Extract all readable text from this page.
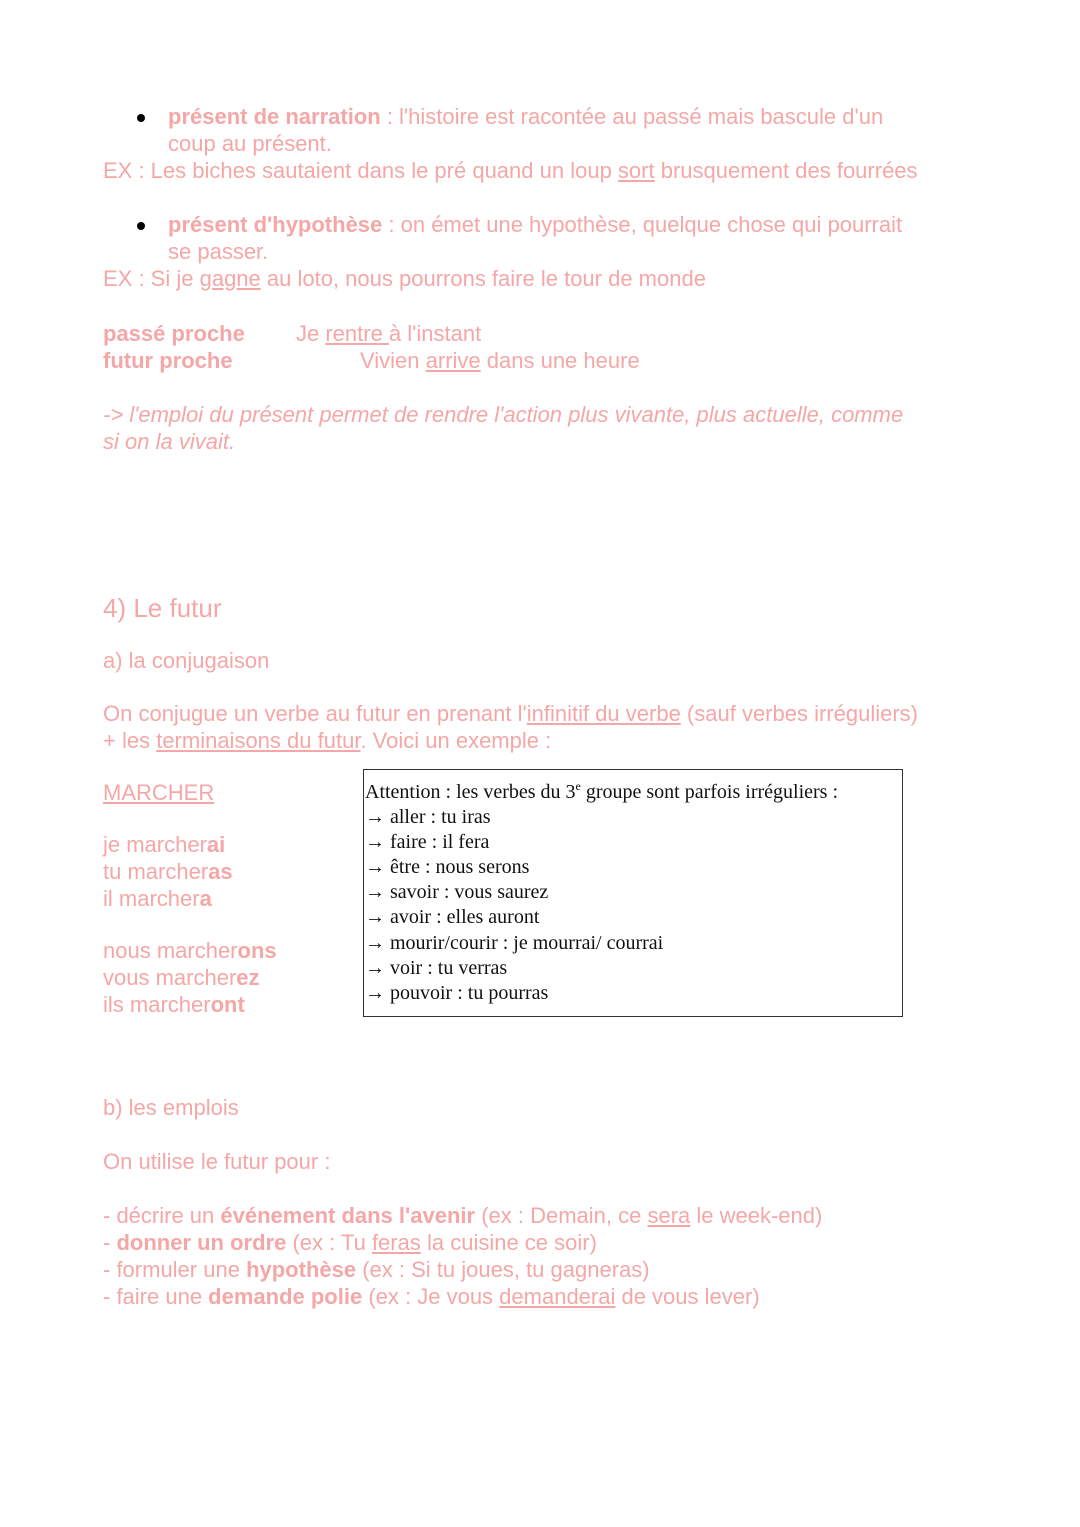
présent de narration : l'histoire est racontée au passé mais bascule d'un
coup au présent.
EX : Les biches sautaient dans le pré quand un loup sort brusquement des fourrées
présent d'hypothèse : on émet une hypothèse, quelque chose qui pourrait
se passer.
EX : Si je gagne au loto, nous pourrons faire le tour de monde
passé proche Je rentre à l'instant
futur proche	Vivien arrive dans une heure
-> l'emploi du présent permet de rendre l'action plus vivante, plus actuelle, comme
si on la vivait.
4) Le futur
a) la conjugaison
On conjugue un verbe au futur en prenant l'infinitif du verbe (sauf verbes irréguliers)
+ les terminaisons du futur. Voici un exemple :
MARCHER
je marcherai
tu marcheras
il marchera
nous marcherons
vous marcherez
ils marcheront
Attention : les verbes du 3e groupe sont parfois irréguliers :
→ aller : tu iras
→ faire : il fera
→ être : nous serons
→ savoir : vous saurez
→ avoir : elles auront
→ mourir/courir : je mourrai/ courrai
→ voir : tu verras
→ pouvoir : tu pourras
b) les emplois
On utilise le futur pour :
- décrire un événement dans l'avenir (ex : Demain, ce sera le week-end)
- donner un ordre (ex : Tu feras la cuisine ce soir)
- formuler une hypothèse (ex : Si tu joues, tu gagneras)
- faire une demande polie (ex : Je vous demanderai de vous lever)
